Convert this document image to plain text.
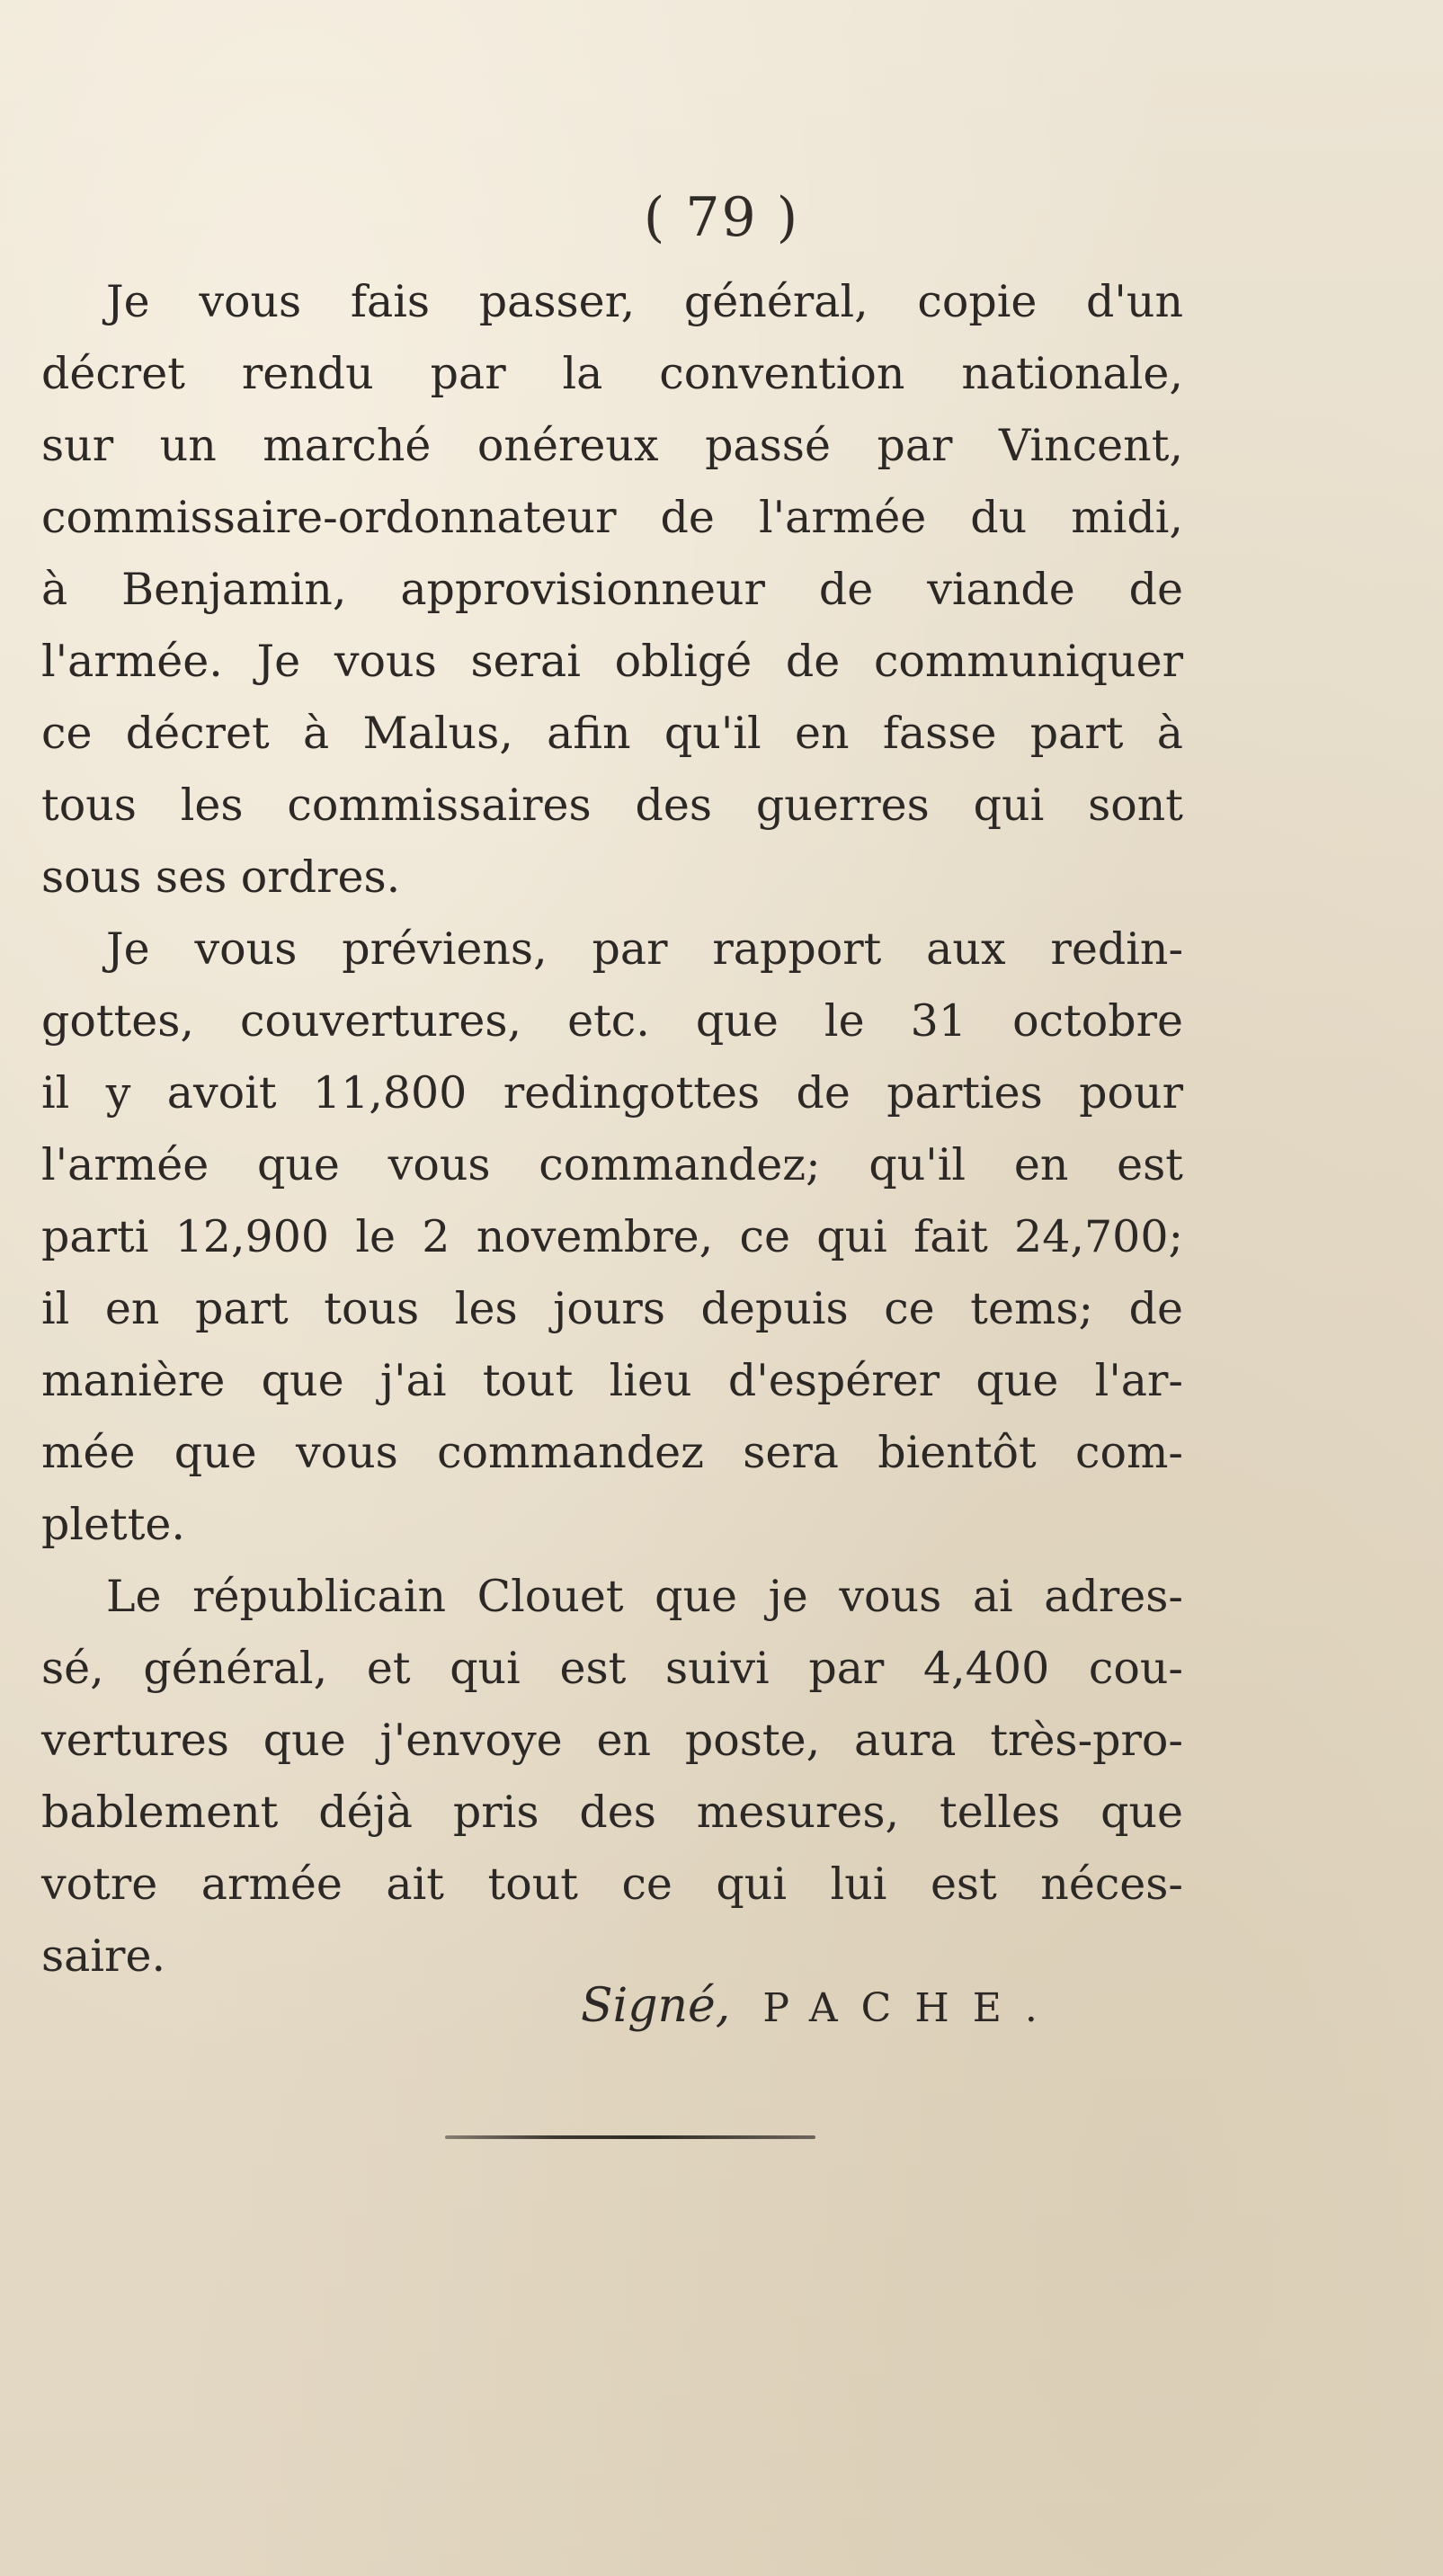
( 79 )

Je vous fais passer, général, copie d'un
décret rendu par la convention nationale,
sur un marché onéreux passé par Vincent,
commissaire-ordonnateur de l'armée du midi,
à Benjamin, approvisionneur de viande de
l'armée. Je vous serai obligé de communiquer
ce décret à Malus, afin qu'il en fasse part à
tous les commissaires des guerres qui sont
sous ses ordres.

Je vous préviens, par rapport aux redin-
gottes, couvertures, etc. que le 31 octobre
il y avoit 11,800 redingottes de parties pour
l'armée que vous commandez; qu'il en est
parti 12,900 le 2 novembre, ce qui fait 24,700;
il en part tous les jours depuis ce tems; de
manière que j'ai tout lieu d'espérer que l'ar-
mée que vous commandez sera bientôt com-
plette.

Le républicain Clouet que je vous ai adres-
sé, général, et qui est suivi par 4,400 cou-
vertures que j'envoye en poste, aura très-pro-
bablement déjà pris des mesures, telles que
votre armée ait tout ce qui lui est néces-
saire.

Signé, PACHE.
